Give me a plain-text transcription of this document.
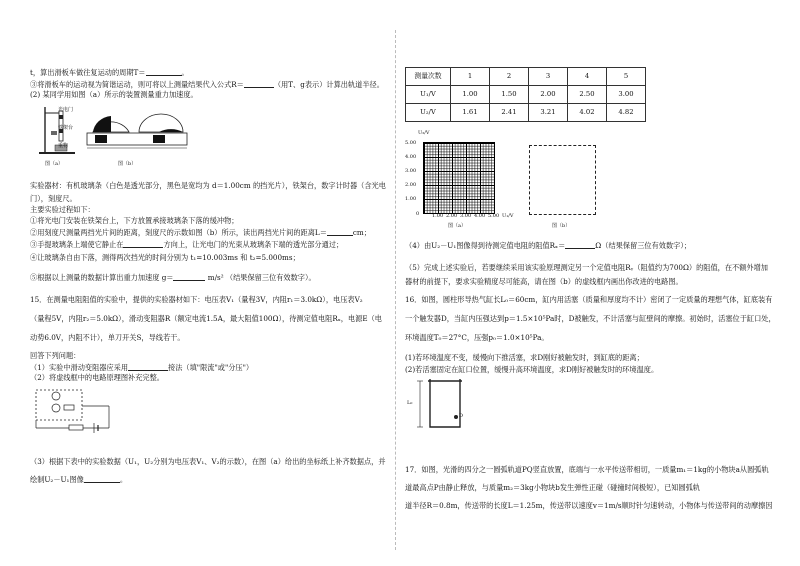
t，算出滑板车做往复运动的周期T＝	。
③将滑板车的运动视为简谐运动，则可将以上测量结果代入公式R＝	（用T、g表示）计算出轨道半径。
(2) 某同学用如图（a）所示的装置测量重力加速度。
光电门
铁架台
重物
图（a）	图（b）
实验器材：有机玻璃条（白色是透光部分，黑色是宽均为 d＝1.00cm 的挡光片），铁架台，数字计时器（含光电
门），刻度尺。
主要实验过程如下：
①将光电门安装在铁架台上，下方放置承接玻璃条下落的缓冲物；
②用刻度尺测量两挡光片间的距离，刻度尺的示数如图（b）所示，读出两挡光片间的距离L＝	cm；
③手提玻璃条上端使它静止在	方向上，让光电门的光束从玻璃条下端的透光部分通过；
④让玻璃条自由下落，测得两次挡光的时间分别为 t₁=10.003ms 和 t₂=5.000ms；
⑤根据以上测量的数据计算出重力加速度 g＝	m/s² （结果保留三位有效数字）。
15．在测量电阻阻值的实验中，提供的实验器材如下：电压表V₁（量程3V，内阻r₁＝3.0kΩ），电压表V₂
（量程5V，内阻r₂＝5.0kΩ），滑动变阻器R（额定电流1.5A，最大阻值100Ω），待测定值电阻Rₓ，电源E（电
动势6.0V，内阻不计），单刀开关S，导线若干。
回答下列问题：
（1）实验中滑动变阻器应采用	接法（填"限流"或"分压"）
（2）将虚线框中的电路原理图补充完整。
（3）根据下表中的实验数据（U₁，U₂分别为电压表V₁、V₂的示数），在图（a）给出的坐标纸上补齐数据点，并
绘制U₂－U₁图像	。
测量次数	1	2	3	4	5
U₁/V	1.00	1.50	2.00	2.50	3.00
U₂/V	1.61	2.41	3.21	4.02	4.82
U₂/V
5.00
4.00
3.00
2.00
1.00
0	1.00 2.00 3.00 4.00 5.00 U₁/V
图（a）	图（b）
（4）由U₂－U₁图像得到待测定值电阻的阻值Rₓ＝	Ω（结果保留三位有效数字）；
（5）完成上述实验后，若要继续采用该实验原理测定另一个定值电阻Rᵧ（阻值约为700Ω）的阻值，在不额外增加
器材的前提下，要求实验精度尽可能高，请在图（b）的虚线框内画出你改进的电路图。
16．如图，圆柱形导热气缸长L₀＝60cm，缸内用活塞（质量和厚度均不计）密闭了一定质量的理想气体，缸底装有
一个触发器D，当缸内压强达到p＝1.5×10⁵Pa时，D被触发，不计活塞与缸壁间的摩擦。初始时，活塞位于缸口处，
环境温度T₀＝27°C，压强p₀＝1.0×10⁵Pa。
(1)若环境温度不变，缓慢向下推活塞，求D刚好被触发时，到缸底的距离；
(2)若活塞固定在缸口位置，缓慢升高环境温度，求D刚好被触发时的环境温度。
L₀
D
17．如图，光滑的四分之一圆弧轨道PQ竖直放置，底端与一水平传送带相切，一质量m₁＝1kg的小物块a从圆弧轨
道最高点P由静止释放，与质量m₂＝3kg小物块b发生弹性正碰（碰撞时间极短），已知圆弧轨
道半径R＝0.8m，传送带的长度L＝1.25m，传送带以速度v＝1m/s顺时针匀速转动，小物体与传送带间的动摩擦因
